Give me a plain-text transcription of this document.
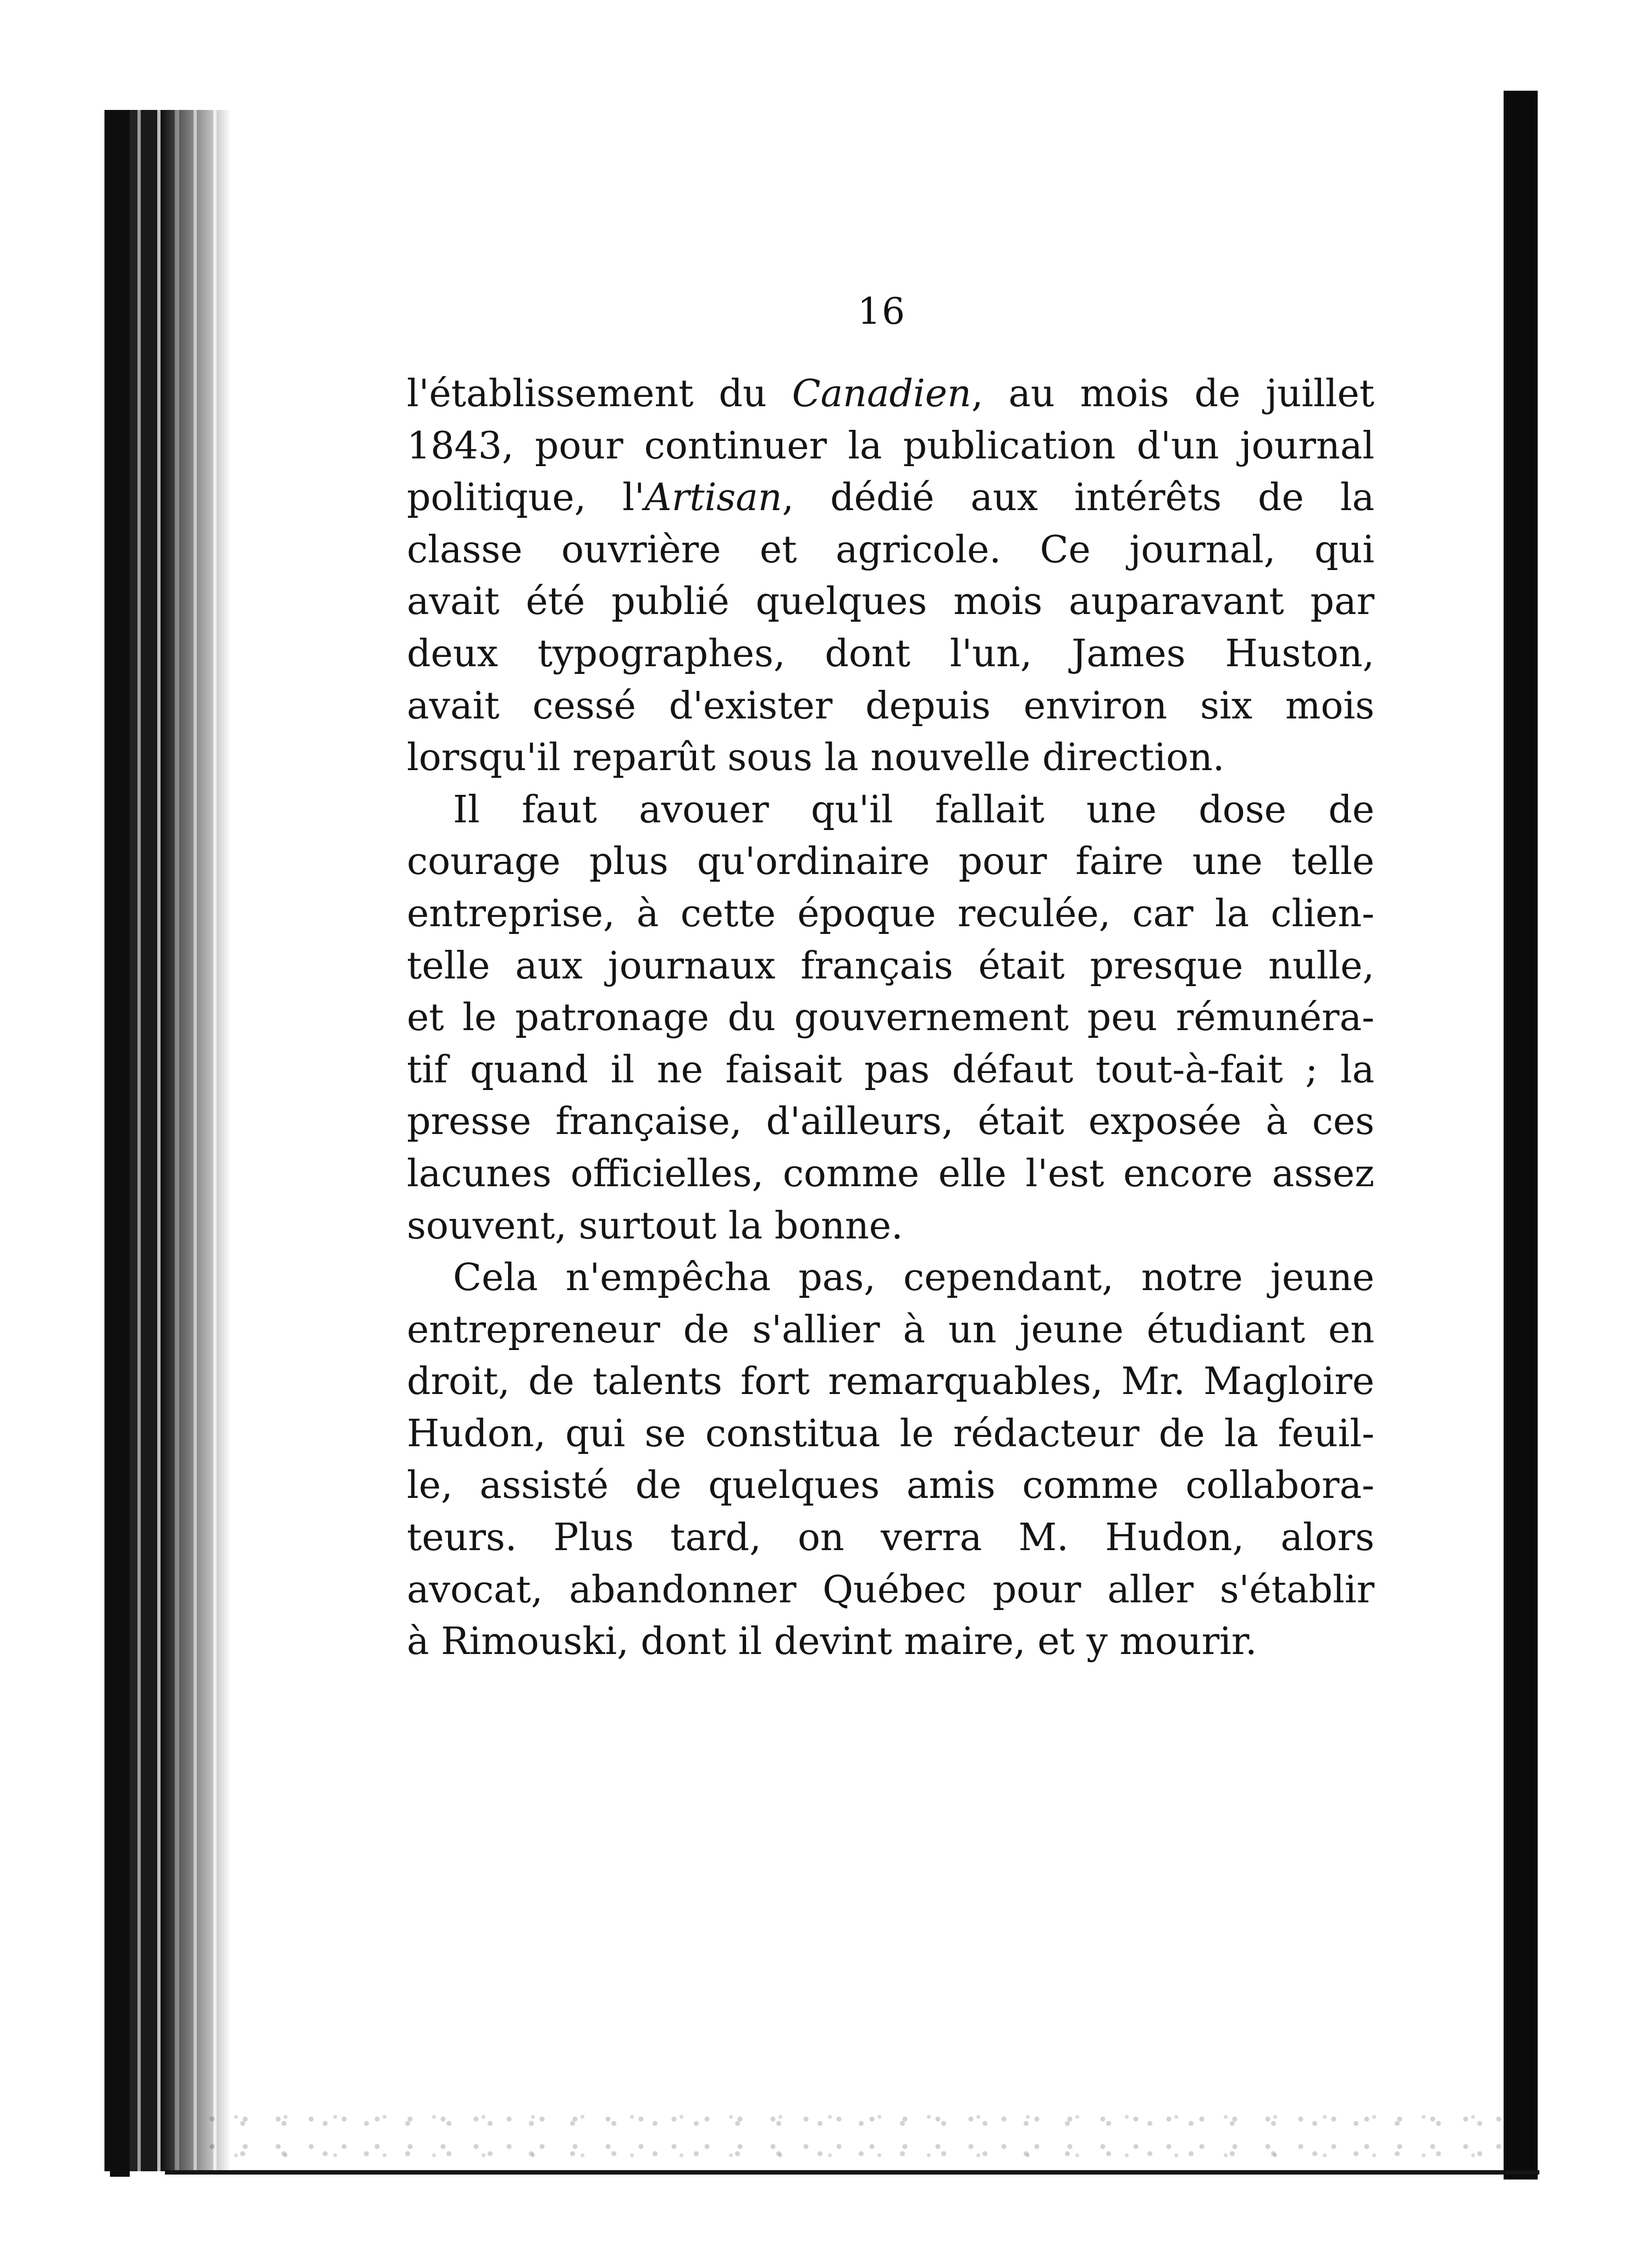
16
l'établissement du Canadien, au mois de juillet
1843, pour continuer la publication d'un journal
politique, l'Artisan, dédié aux intérêts de la
classe ouvrière et agricole. Ce journal, qui
avait été publié quelques mois auparavant par
deux typographes, dont l'un, James Huston,
avait cessé d'exister depuis environ six mois
lorsqu'il reparût sous la nouvelle direction.
Il faut avouer qu'il fallait une dose de
courage plus qu'ordinaire pour faire une telle
entreprise, à cette époque reculée, car la clien-
telle aux journaux français était presque nulle,
et le patronage du gouvernement peu rémunéra-
tif quand il ne faisait pas défaut tout-à-fait ; la
presse française, d'ailleurs, était exposée à ces
lacunes officielles, comme elle l'est encore assez
souvent, surtout la bonne.
Cela n'empêcha pas, cependant, notre jeune
entrepreneur de s'allier à un jeune étudiant en
droit, de talents fort remarquables, Mr. Magloire
Hudon, qui se constitua le rédacteur de la feuil-
le, assisté de quelques amis comme collabora-
teurs. Plus tard, on verra M. Hudon, alors
avocat, abandonner Québec pour aller s'établir
à Rimouski, dont il devint maire, et y mourir.
